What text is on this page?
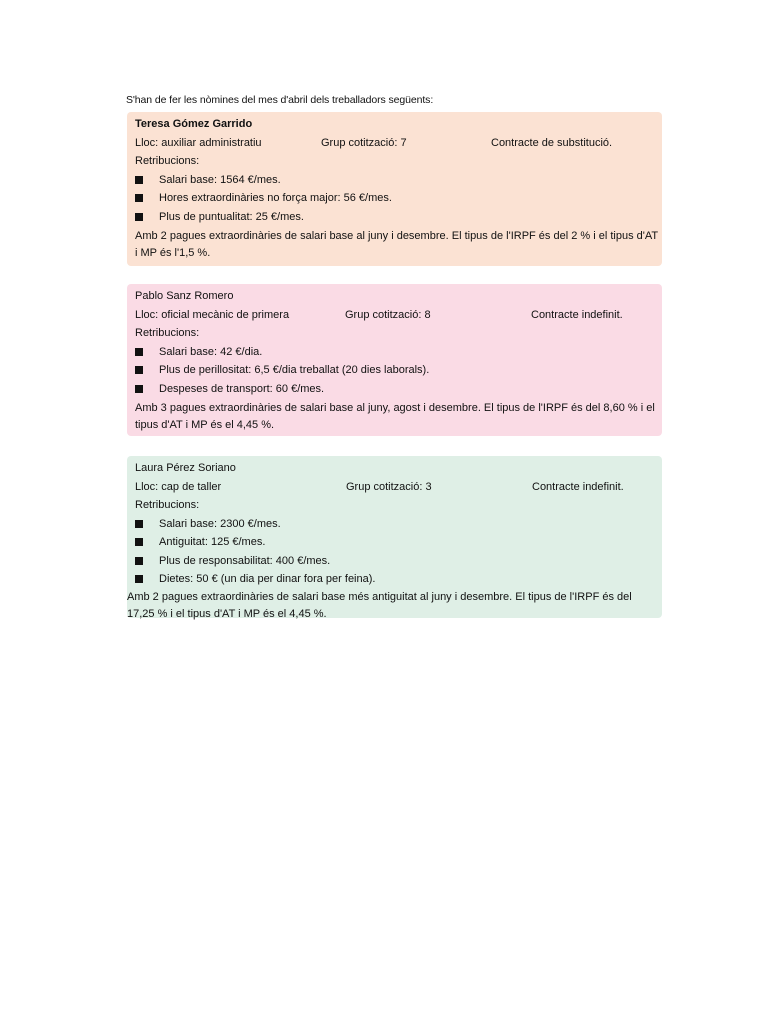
S'han de fer les nòmines del mes d'abril dels treballadors següents:
Teresa Gómez Garrido
Lloc: auxiliar administratiu	Grup cotització: 7	Contracte de substitució.
Retribucions:
Salari base: 1564 €/mes.
Hores extraordinàries no força major: 56 €/mes.
Plus de puntualitat: 25 €/mes.
Amb 2 pagues extraordinàries de salari base al juny i desembre. El tipus de l'IRPF és del 2 % i el tipus d'AT i MP és l'1,5 %.
Pablo Sanz Romero
Lloc: oficial mecànic de primera	Grup cotització: 8	Contracte indefinit.
Retribucions:
Salari base: 42 €/dia.
Plus de perillositat: 6,5 €/dia treballat (20 dies laborals).
Despeses de transport: 60 €/mes.
Amb 3 pagues extraordinàries de salari base al juny, agost i desembre. El tipus de l'IRPF és del 8,60 % i el tipus d'AT i MP és el 4,45 %.
Laura Pérez Soriano
Lloc: cap de taller	Grup cotització: 3	Contracte indefinit.
Retribucions:
Salari base: 2300 €/mes.
Antiguitat: 125 €/mes.
Plus de responsabilitat: 400 €/mes.
Dietes: 50 € (un dia per dinar fora per feina).
Amb 2 pagues extraordinàries de salari base més antiguitat al juny i desembre. El tipus de l'IRPF és del 17,25 % i el tipus d'AT i MP és el 4,45 %.
